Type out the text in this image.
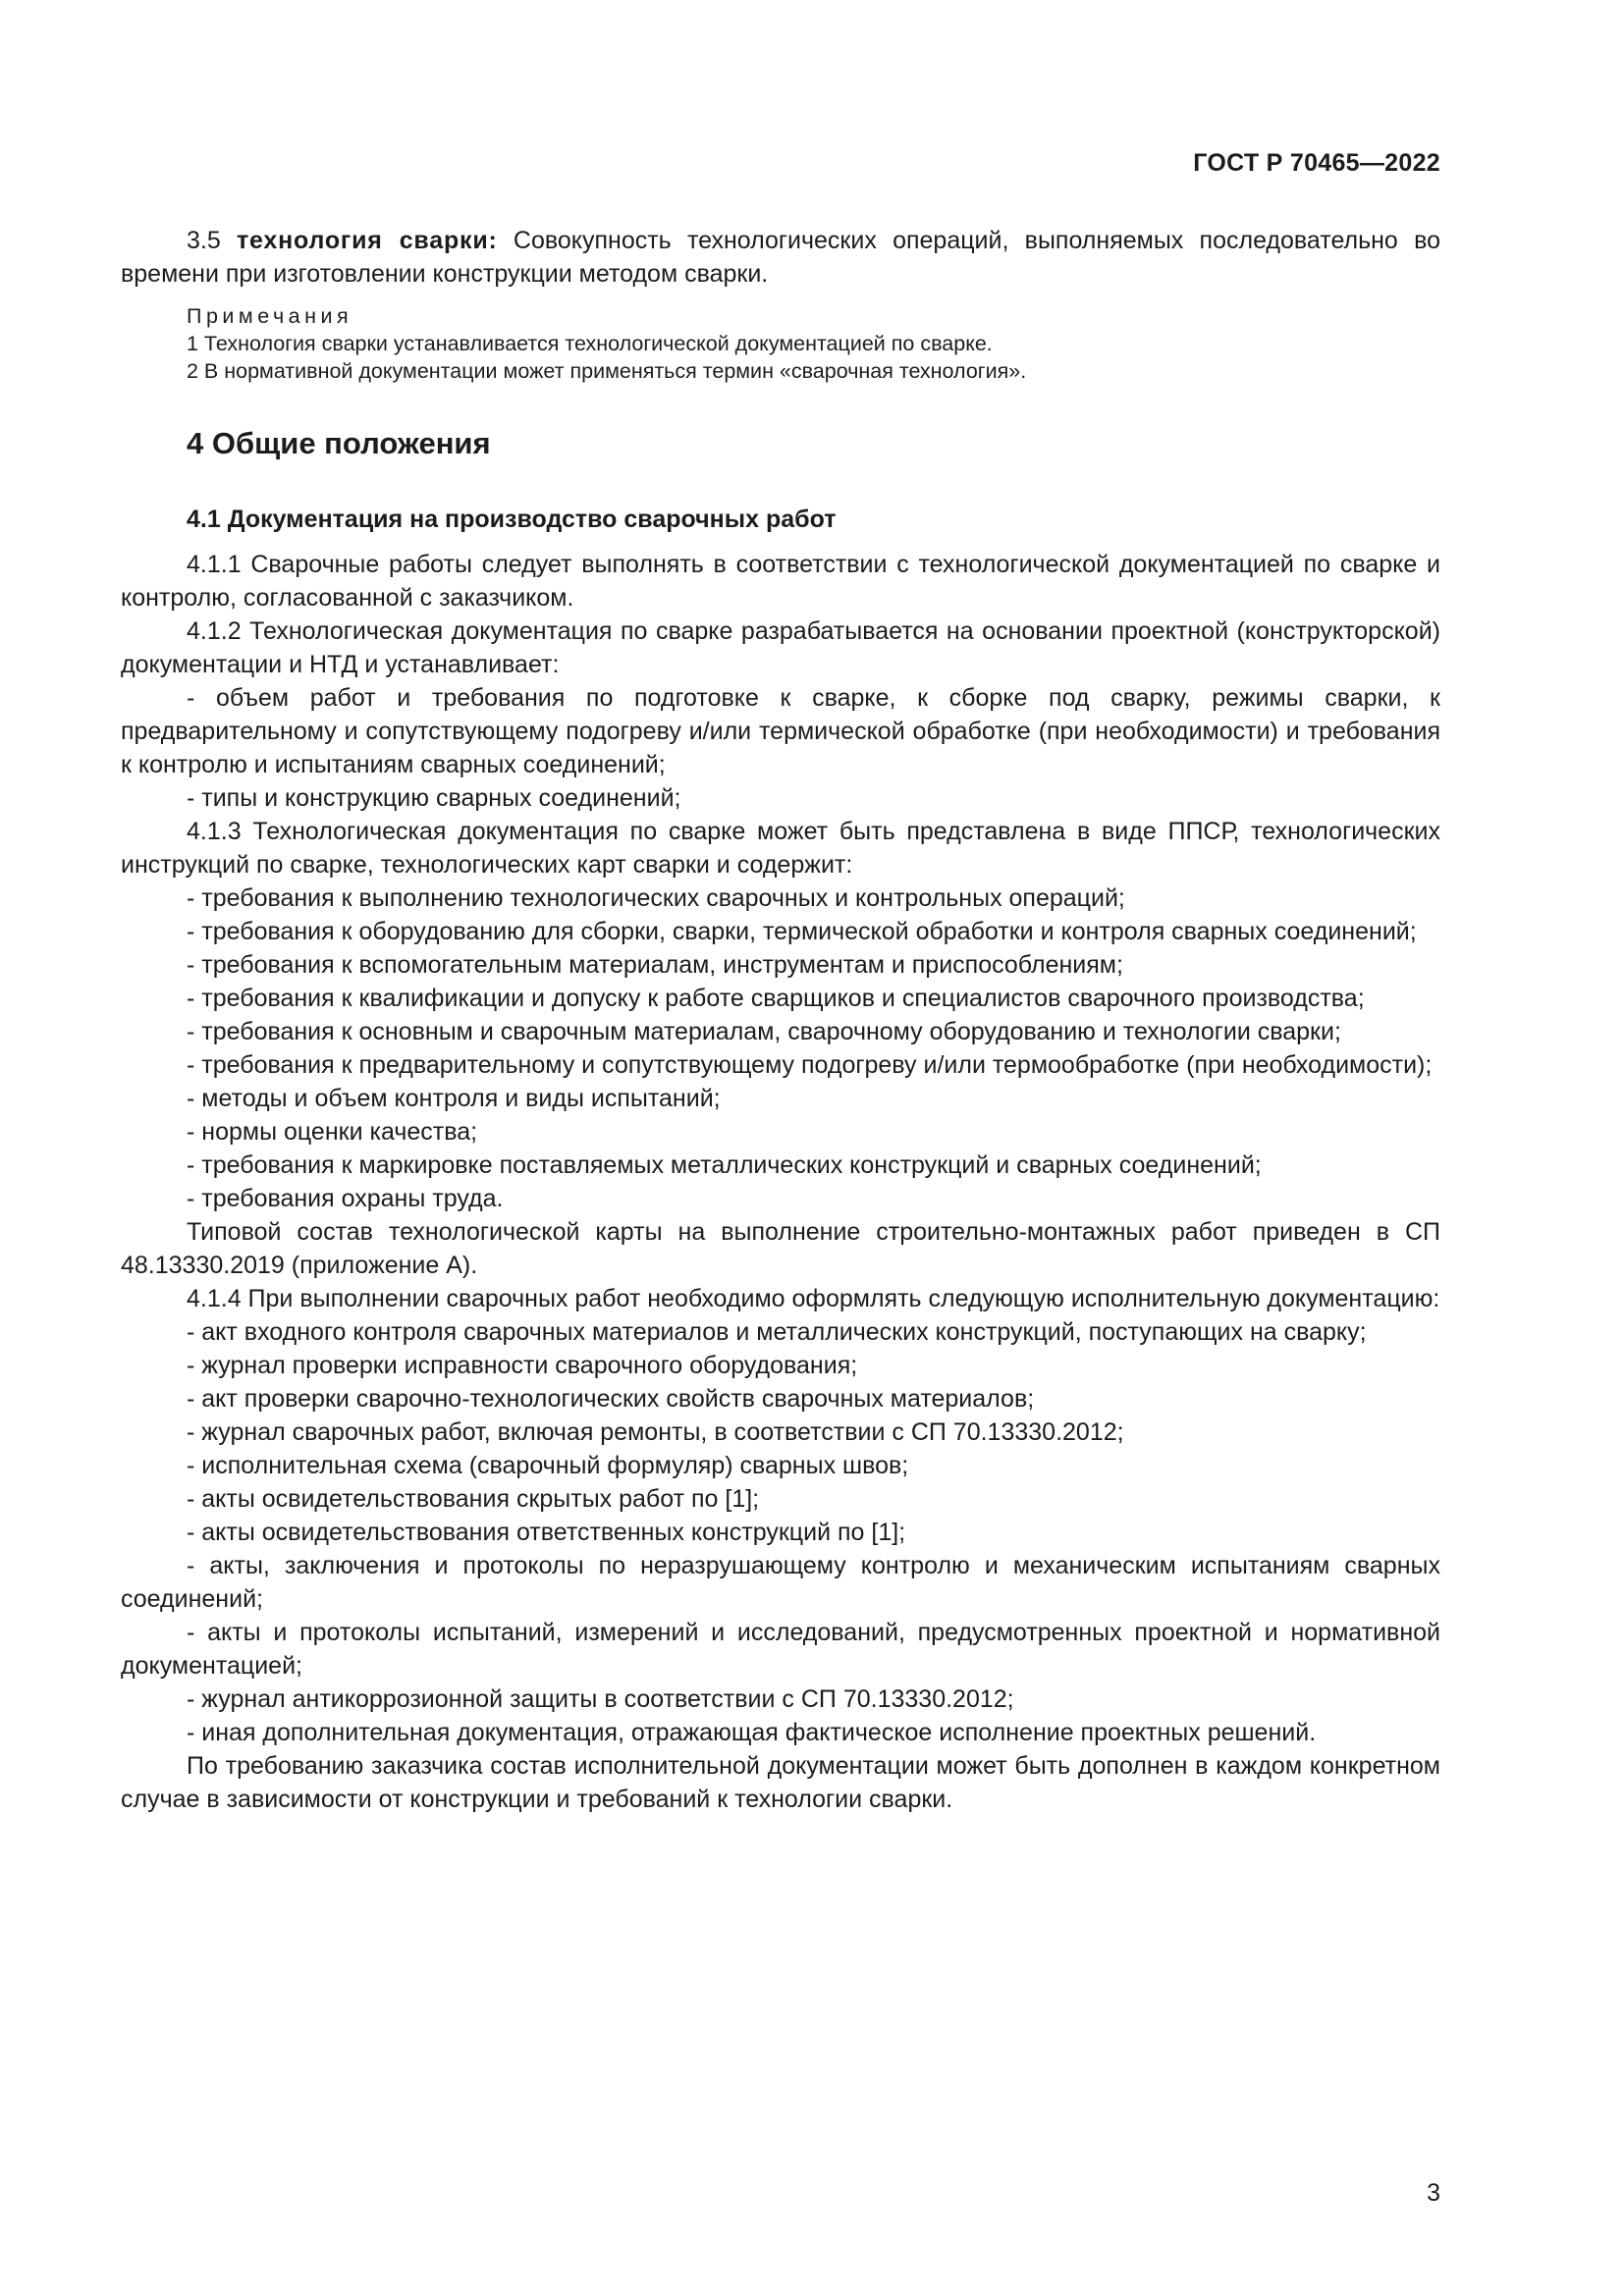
ГОСТ Р 70465—2022

3.5 технология сварки: Совокупность технологических операций, выполняемых последовательно во времени при изготовлении конструкции методом сварки.

Примечания
1 Технология сварки устанавливается технологической документацией по сварке.
2 В нормативной документации может применяться термин «сварочная технология».
4 Общие положения
4.1 Документация на производство сварочных работ

4.1.1 Сварочные работы следует выполнять в соответствии с технологической документацией по сварке и контролю, согласованной с заказчиком.

4.1.2 Технологическая документация по сварке разрабатывается на основании проектной (конструкторской) документации и НТД и устанавливает:

- объем работ и требования по подготовке к сварке, к сборке под сварку, режимы сварки, к предварительному и сопутствующему подогреву и/или термической обработке (при необходимости) и требования к контролю и испытаниям сварных соединений;

- типы и конструкцию сварных соединений;

4.1.3 Технологическая документация по сварке может быть представлена в виде ППСР, технологических инструкций по сварке, технологических карт сварки и содержит:

- требования к выполнению технологических сварочных и контрольных операций;

- требования к оборудованию для сборки, сварки, термической обработки и контроля сварных соединений;

- требования к вспомогательным материалам, инструментам и приспособлениям;

- требования к квалификации и допуску к работе сварщиков и специалистов сварочного производства;

- требования к основным и сварочным материалам, сварочному оборудованию и технологии сварки;

- требования к предварительному и сопутствующему подогреву и/или термообработке (при необходимости);

- методы и объем контроля и виды испытаний;

- нормы оценки качества;

- требования к маркировке поставляемых металлических конструкций и сварных соединений;

- требования охраны труда.

Типовой состав технологической карты на выполнение строительно-монтажных работ приведен в СП 48.13330.2019 (приложение А).

4.1.4 При выполнении сварочных работ необходимо оформлять следующую исполнительную документацию:

- акт входного контроля сварочных материалов и металлических конструкций, поступающих на сварку;

- журнал проверки исправности сварочного оборудования;

- акт проверки сварочно-технологических свойств сварочных материалов;

- журнал сварочных работ, включая ремонты, в соответствии с СП 70.13330.2012;

- исполнительная схема (сварочный формуляр) сварных швов;

- акты освидетельствования скрытых работ по [1];

- акты освидетельствования ответственных конструкций по [1];

- акты, заключения и протоколы по неразрушающему контролю и механическим испытаниям сварных соединений;

- акты и протоколы испытаний, измерений и исследований, предусмотренных проектной и нормативной документацией;

- журнал антикоррозионной защиты в соответствии с СП 70.13330.2012;

- иная дополнительная документация, отражающая фактическое исполнение проектных решений.

По требованию заказчика состав исполнительной документации может быть дополнен в каждом конкретном случае в зависимости от конструкции и требований к технологии сварки.

3
